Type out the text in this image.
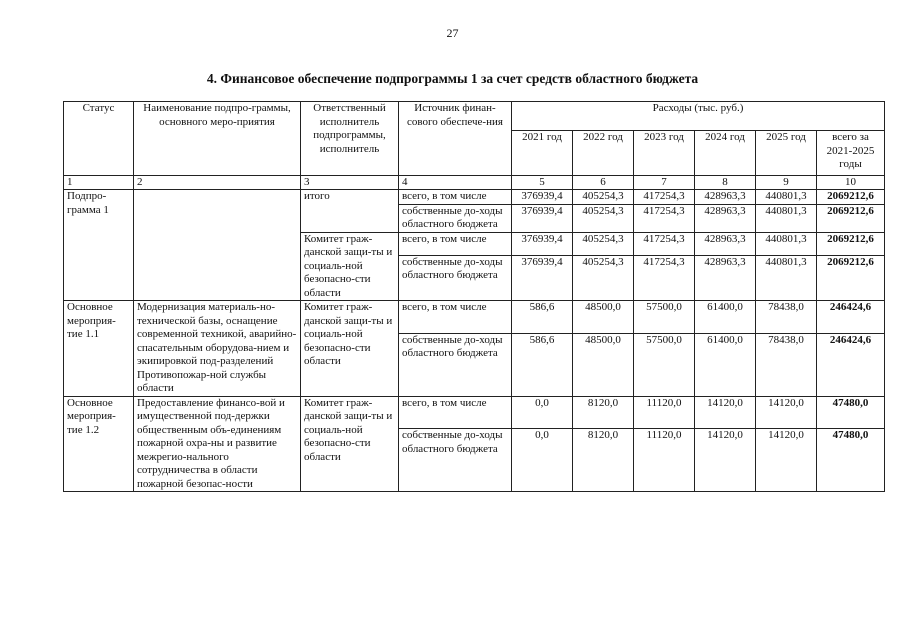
27
4. Финансовое обеспечение подпрограммы 1 за счет средств областного бюджета
Статус	Наименование подпро-граммы, основного меро-приятия	Ответственный исполнитель подпрограммы, исполнитель	Источник финан-сового обеспече-ния	Расходы (тыс. руб.)					
				2021 год	2022 год	2023 год	2024 год	2025 год	всего за 2021-2025 годы
1	2	3	4	5	6	7	8	9	10
Подпро-грамма 1		итого	всего, в том числе	376939,4	405254,3	417254,3	428963,3	440801,3	2069212,6
			собственные до-ходы областного бюджета	376939,4	405254,3	417254,3	428963,3	440801,3	2069212,6
		Комитет граж-данской защи-ты и социаль-ной безопасно-сти области	всего, в том числе	376939,4	405254,3	417254,3	428963,3	440801,3	2069212,6
			собственные до-ходы областного бюджета	376939,4	405254,3	417254,3	428963,3	440801,3	2069212,6
Основное мероприя-тие 1.1	Модернизация материаль-но-технической базы, оснащение современной техникой, аварийно-спасательным оборудова-нием и экипировкой под-разделений Противопожар-ной службы области	Комитет граж-данской защи-ты и социаль-ной безопасно-сти области	всего, в том числе	586,6	48500,0	57500,0	61400,0	78438,0	246424,6
			собственные до-ходы областного бюджета	586,6	48500,0	57500,0	61400,0	78438,0	246424,6
Основное мероприя-тие 1.2	Предоставление финансо-вой и имущественной под-держки общественным объ-единениям пожарной охра-ны и развитие межрегио-нального сотрудничества в области пожарной безопас-ности	Комитет граж-данской защи-ты и социаль-ной безопасно-сти области	всего, в том числе	0,0	8120,0	11120,0	14120,0	14120,0	47480,0
			собственные до-ходы областного бюджета	0,0	8120,0	11120,0	14120,0	14120,0	47480,0
